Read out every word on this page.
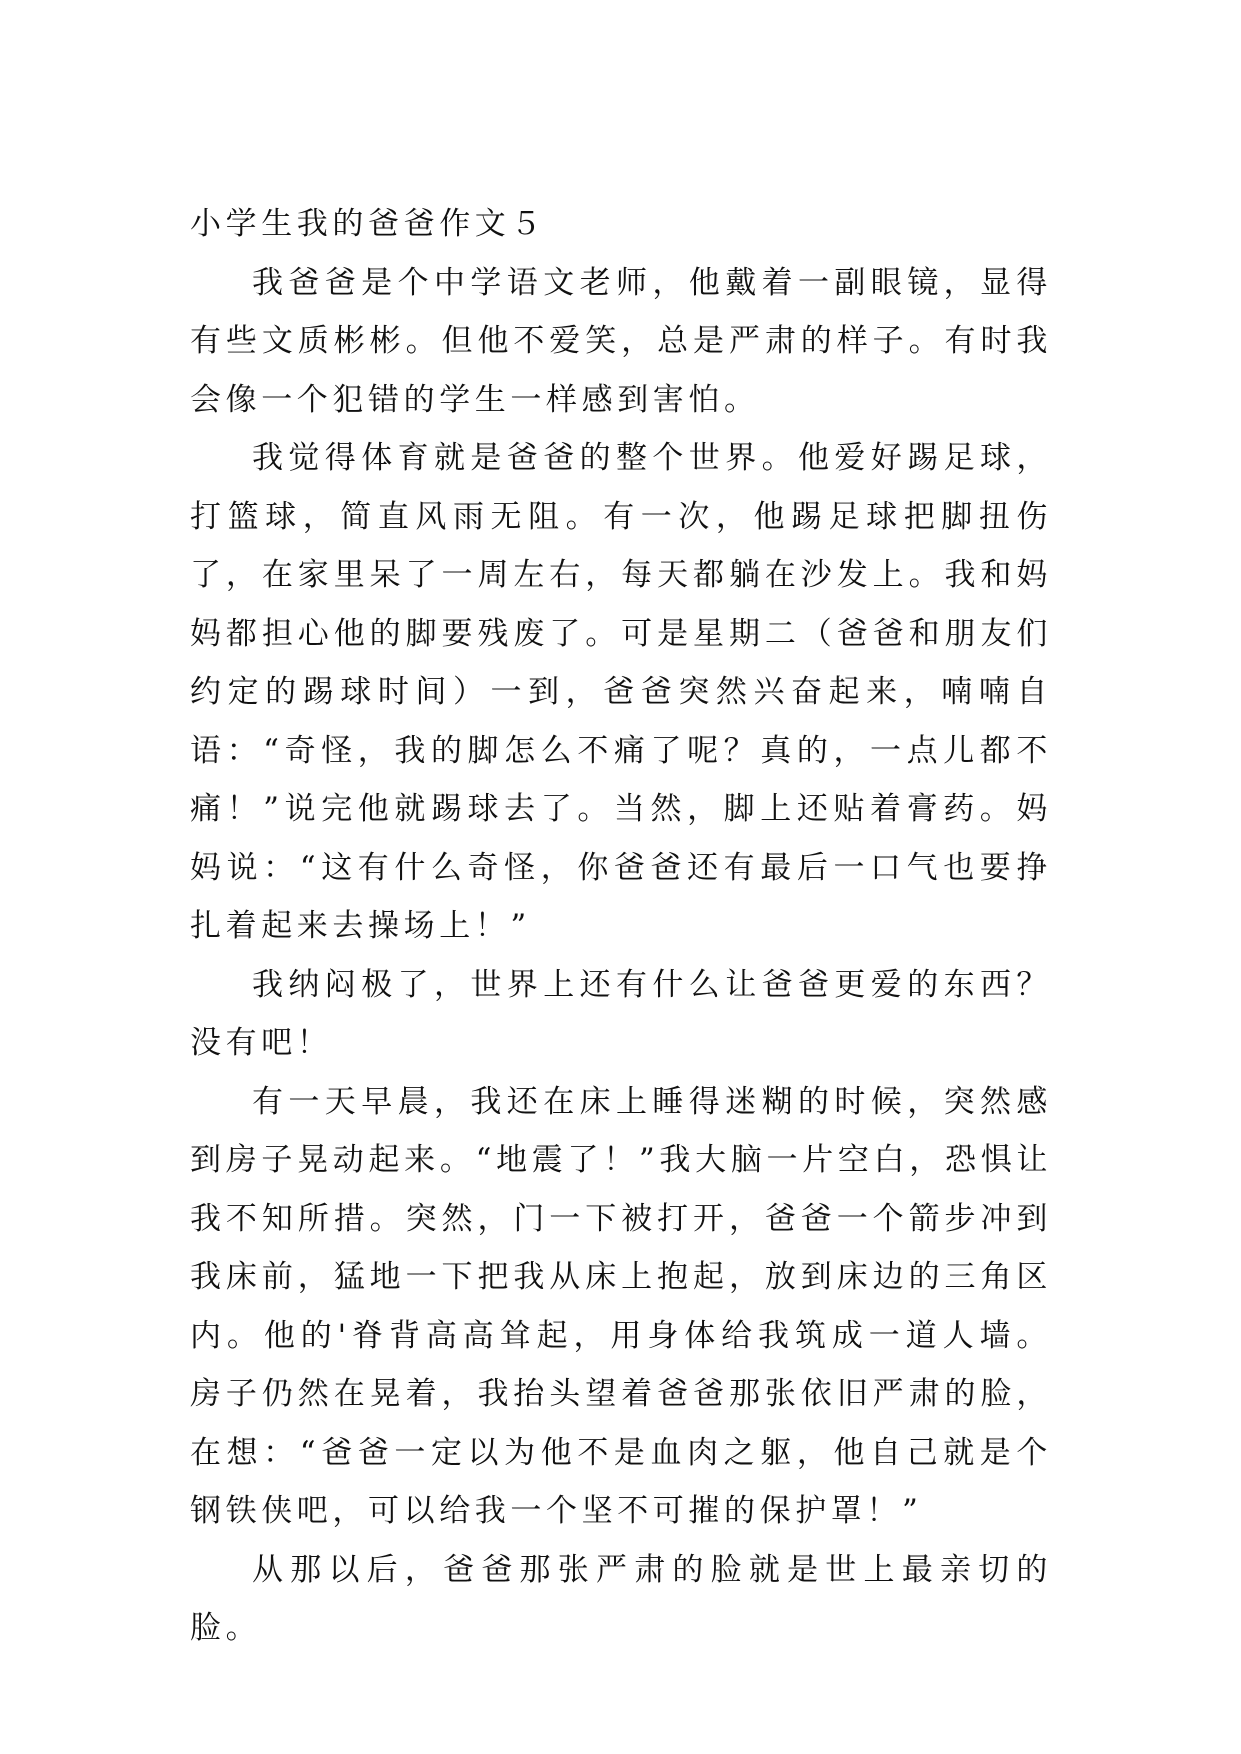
小学生我的爸爸作文５

我爸爸是个中学语文老师，他戴着一副眼镜，显得有些文质彬彬。但他不爱笑，总是严肃的样子。有时我会像一个犯错的学生一样感到害怕。

我觉得体育就是爸爸的整个世界。他爱好踢足球，打篮球，简直风雨无阻。有一次，他踢足球把脚扭伤了，在家里呆了一周左右，每天都躺在沙发上。我和妈妈都担心他的脚要残废了。可是星期二（爸爸和朋友们约定的踢球时间）一到，爸爸突然兴奋起来，喃喃自语：“奇怪，我的脚怎么不痛了呢？真的，一点儿都不痛！”说完他就踢球去了。当然，脚上还贴着膏药。妈妈说：“这有什么奇怪，你爸爸还有最后一口气也要挣扎着起来去操场上！”

我纳闷极了，世界上还有什么让爸爸更爱的东西？没有吧！

有一天早晨，我还在床上睡得迷糊的时候，突然感到房子晃动起来。“地震了！”我大脑一片空白，恐惧让我不知所措。突然，门一下被打开，爸爸一个箭步冲到我床前，猛地一下把我从床上抱起，放到床边的三角区内。他的'脊背高高耸起，用身体给我筑成一道人墙。房子仍然在晃着，我抬头望着爸爸那张依旧严肃的脸，在想：“爸爸一定以为他不是血肉之躯，他自己就是个钢铁侠吧，可以给我一个坚不可摧的保护罩！”

从那以后，爸爸那张严肃的脸就是世上最亲切的脸。
